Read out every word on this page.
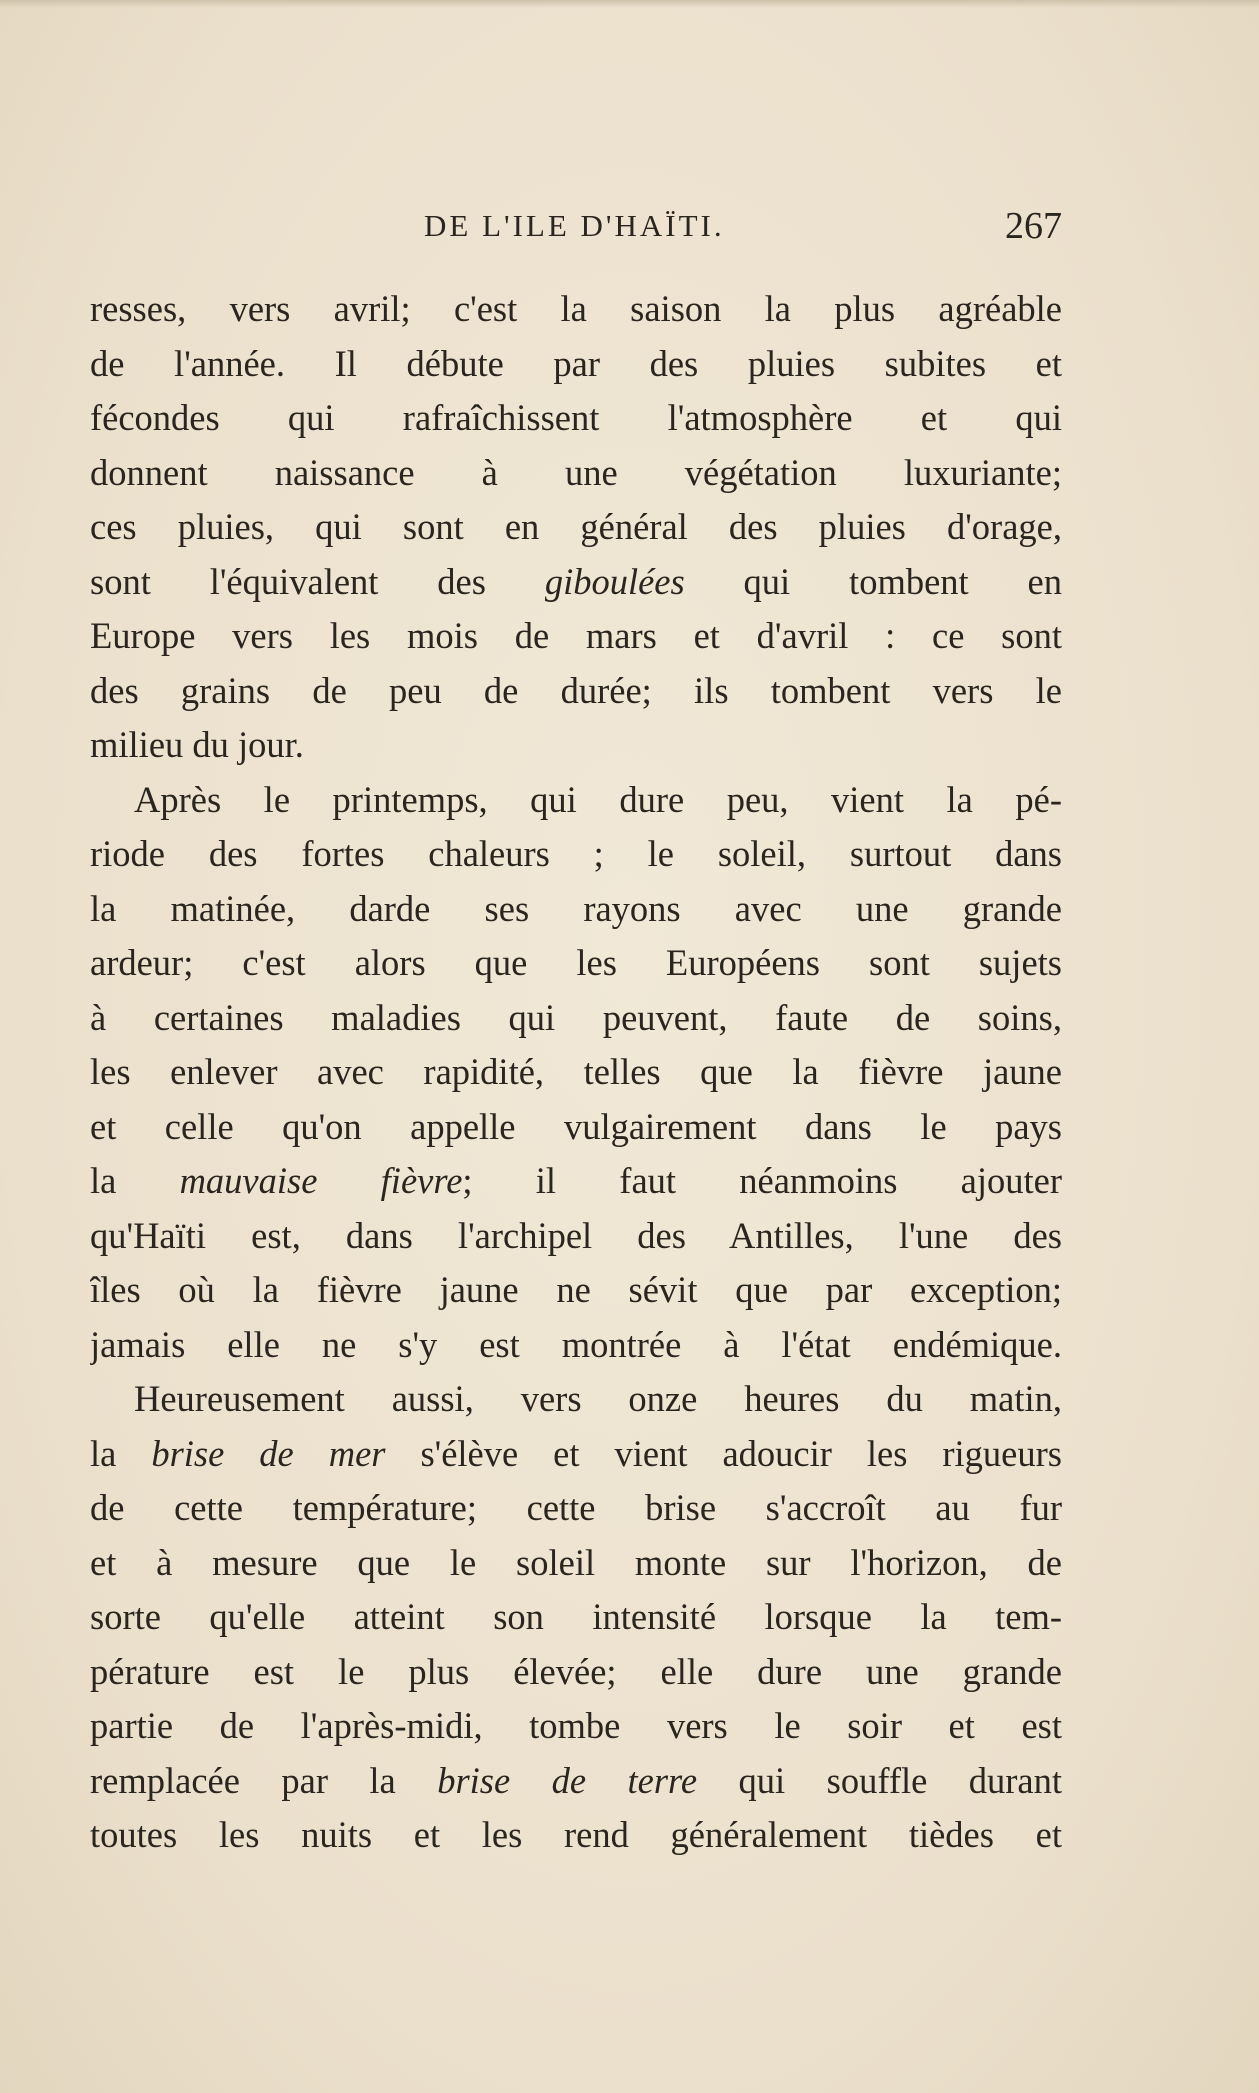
DE L'ILE D'HAÏTI.	267
resses, vers avril; c'est la saison la plus agréable
de l'année. Il débute par des pluies subites et
fécondes qui rafraîchissent l'atmosphère et qui
donnent naissance à une végétation luxuriante;
ces pluies, qui sont en général des pluies d'orage,
sont l'équivalent des giboulées qui tombent en
Europe vers les mois de mars et d'avril : ce sont
des grains de peu de durée; ils tombent vers le
milieu du jour.
Après le printemps, qui dure peu, vient la pé-
riode des fortes chaleurs ; le soleil, surtout dans
la matinée, darde ses rayons avec une grande
ardeur; c'est alors que les Européens sont sujets
à certaines maladies qui peuvent, faute de soins,
les enlever avec rapidité, telles que la fièvre jaune
et celle qu'on appelle vulgairement dans le pays
la mauvaise fièvre; il faut néanmoins ajouter
qu'Haïti est, dans l'archipel des Antilles, l'une des
îles où la fièvre jaune ne sévit que par exception;
jamais elle ne s'y est montrée à l'état endémique.
Heureusement aussi, vers onze heures du matin,
la brise de mer s'élève et vient adoucir les rigueurs
de cette température; cette brise s'accroît au fur
et à mesure que le soleil monte sur l'horizon, de
sorte qu'elle atteint son intensité lorsque la tem-
pérature est le plus élevée; elle dure une grande
partie de l'après-midi, tombe vers le soir et est
remplacée par la brise de terre qui souffle durant
toutes les nuits et les rend généralement tièdes et
